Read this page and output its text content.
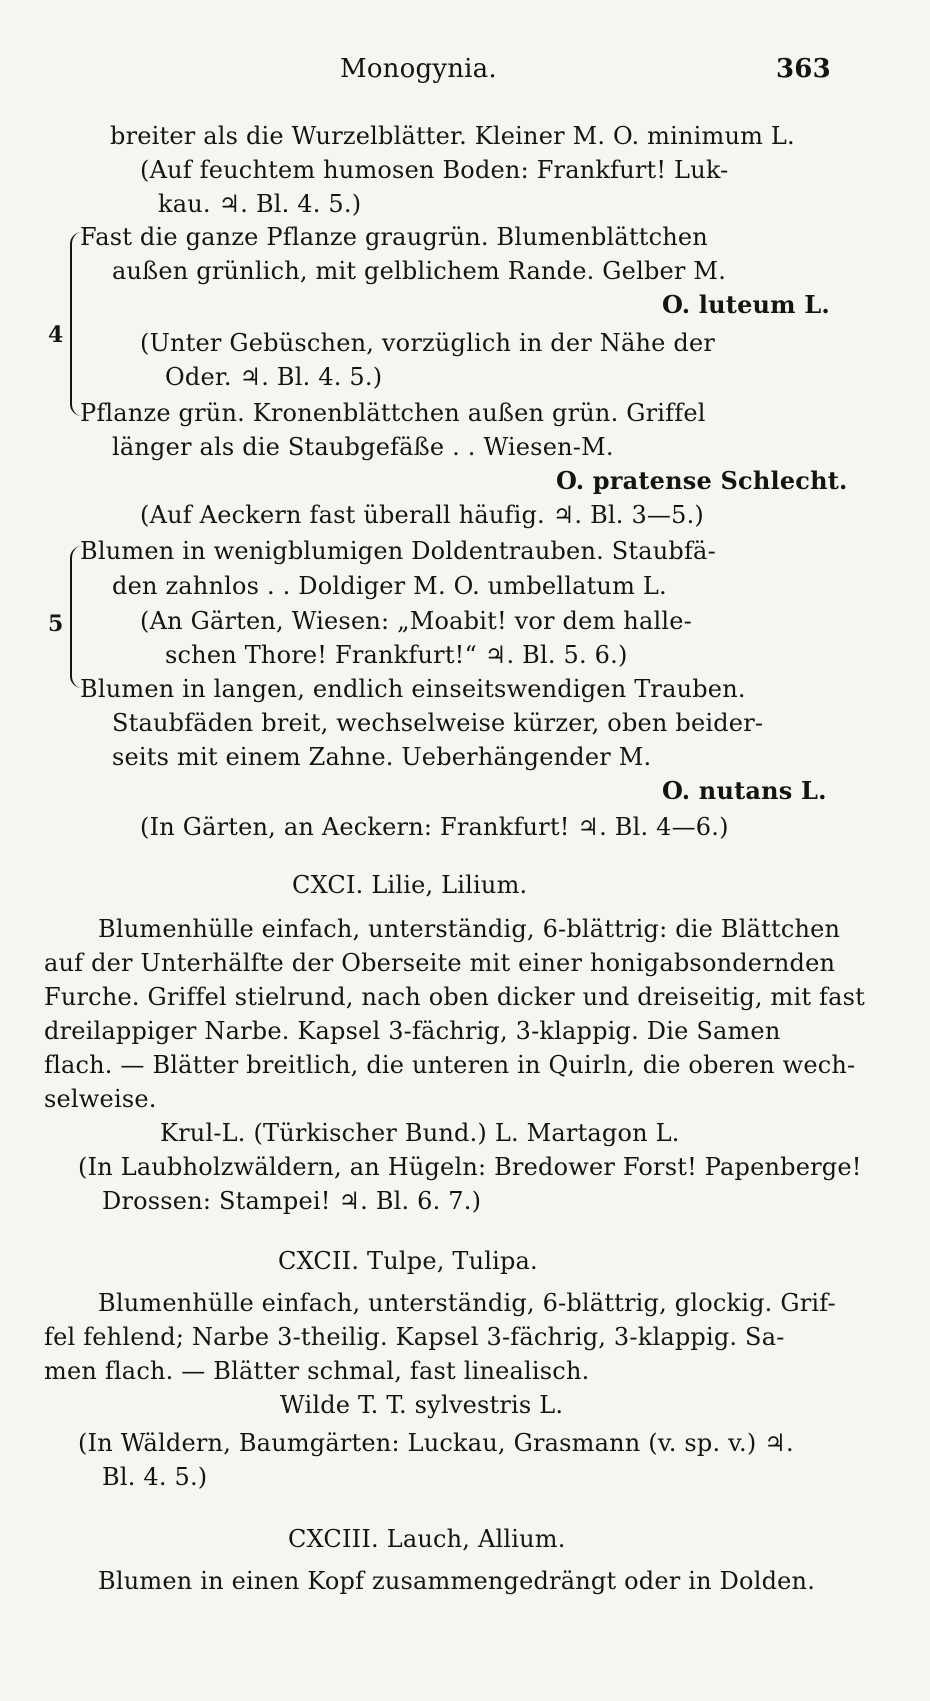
Monogynia.	363
breiter als die Wurzelblätter. Kleiner M. O. minimum L.
(Auf feuchtem humosen Boden: Frankfurt! Luk-
kau. ♃. Bl. 4. 5.)
4
Fast die ganze Pflanze graugrün. Blumenblättchen
außen grünlich, mit gelblichem Rande. Gelber M.
O. luteum L.
(Unter Gebüschen, vorzüglich in der Nähe der
Oder. ♃. Bl. 4. 5.)
Pflanze grün. Kronenblättchen außen grün. Griffel
länger als die Staubgefäße . . Wiesen-M.
O. pratense Schlecht.
(Auf Aeckern fast überall häufig. ♃. Bl. 3—5.)
5
Blumen in wenigblumigen Doldentrauben. Staubfä-
den zahnlos . . Doldiger M. O. umbellatum L.
(An Gärten, Wiesen: „Moabit! vor dem halle-
schen Thore! Frankfurt!“ ♃. Bl. 5. 6.)
Blumen in langen, endlich einseitswendigen Trauben.
Staubfäden breit, wechselweise kürzer, oben beider-
seits mit einem Zahne. Ueberhängender M.
O. nutans L.
(In Gärten, an Aeckern: Frankfurt! ♃. Bl. 4—6.)
CXCI. Lilie, Lilium.
Blumenhülle einfach, unterständig, 6-blättrig: die Blättchen
auf der Unterhälfte der Oberseite mit einer honigabsondernden
Furche. Griffel stielrund, nach oben dicker und dreiseitig, mit fast
dreilappiger Narbe. Kapsel 3-fächrig, 3-klappig. Die Samen
flach. — Blätter breitlich, die unteren in Quirln, die oberen wech-
selweise.
Krul-L. (Türkischer Bund.) L. Martagon L.
(In Laubholzwäldern, an Hügeln: Bredower Forst! Papenberge!
Drossen: Stampei! ♃. Bl. 6. 7.)
CXCII. Tulpe, Tulipa.
Blumenhülle einfach, unterständig, 6-blättrig, glockig. Grif-
fel fehlend; Narbe 3-theilig. Kapsel 3-fächrig, 3-klappig. Sa-
men flach. — Blätter schmal, fast linealisch.
Wilde T. T. sylvestris L.
(In Wäldern, Baumgärten: Luckau, Grasmann (v. sp. v.) ♃.
Bl. 4. 5.)
CXCIII. Lauch, Allium.
Blumen in einen Kopf zusammengedrängt oder in Dolden.
